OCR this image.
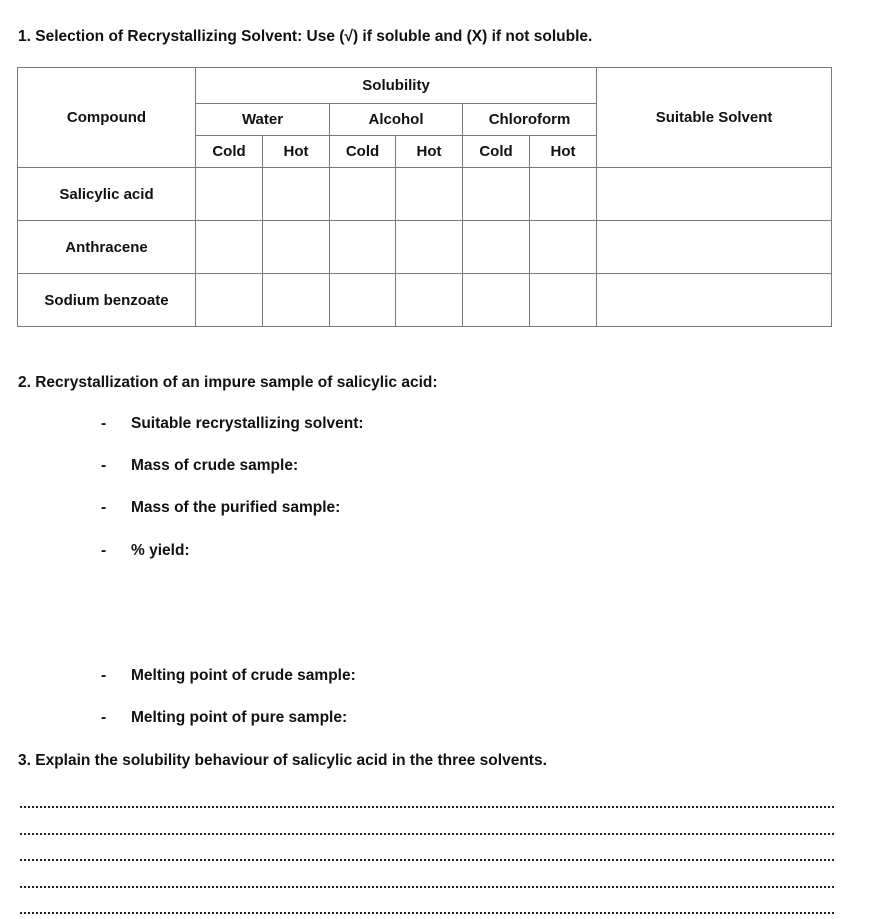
1. Selection of Recrystallizing Solvent: Use (√) if soluble and (X) if not soluble.
Compound	Solubility						Suitable Solvent
	Water		Alcohol		Chloroform		
	Cold	Hot	Cold	Hot	Cold	Hot	
Salicylic acid							
Anthracene							
Sodium benzoate							
2. Recrystallization of an impure sample of salicylic acid:
- Suitable recrystallizing solvent:
- Mass of crude sample:
- Mass of the purified sample:
- % yield:
- Melting point of crude sample:
- Melting point of pure sample:
3. Explain the solubility behaviour of salicylic acid in the three solvents.
